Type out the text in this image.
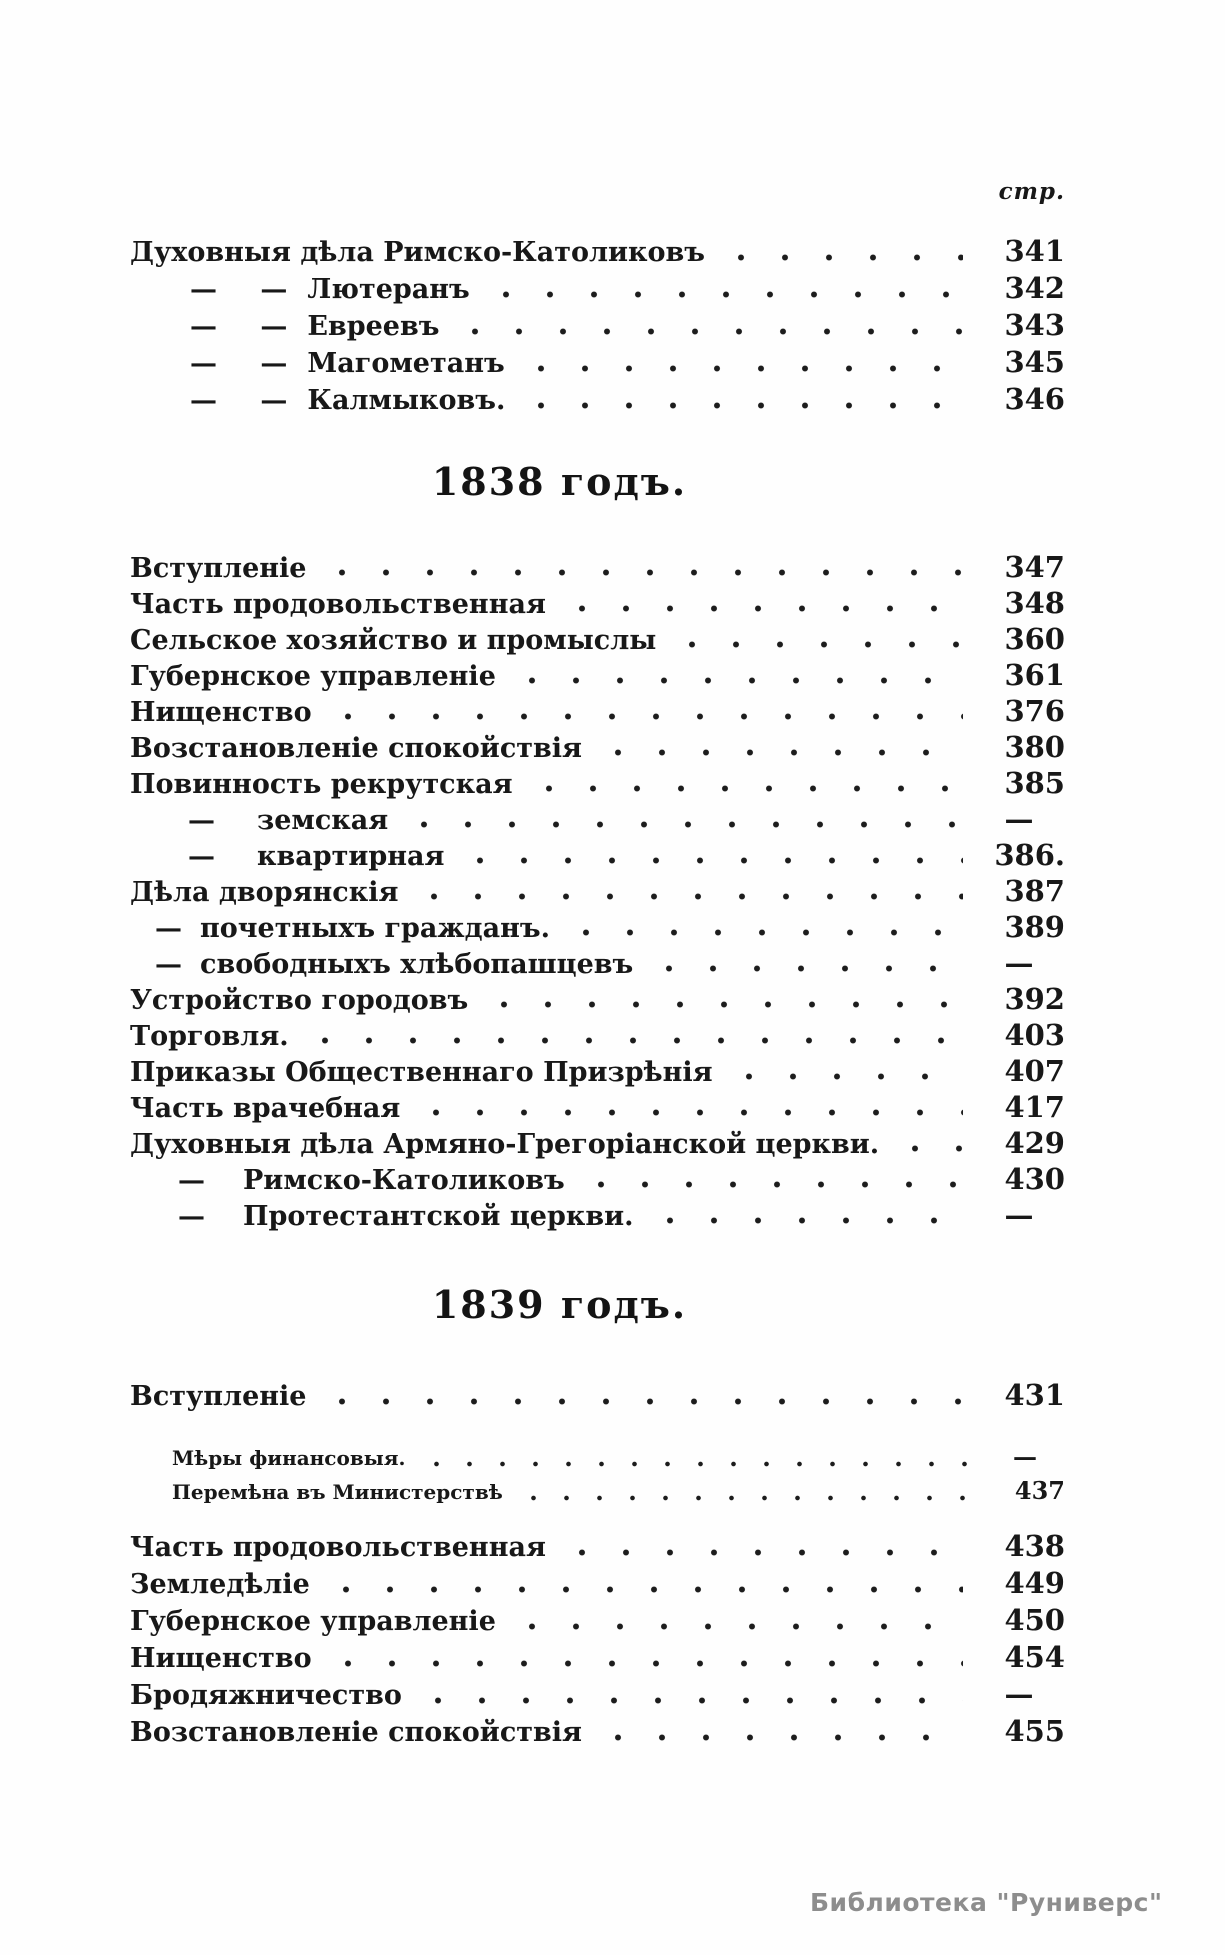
стр.
Духовныя дѣла Римско-Католиковъ	341
— — Лютеранъ	342
— — Евреевъ	343
— — Магометанъ	345
— — Калмыковъ.	346
1838 годъ.
Вступленіе	347
Часть продовольственная	348
Сельское хозяйство и промыслы	360
Губернское управленіе	361
Нищенство	376
Возстановленіе спокойствія	380
Повинность рекрутская	385
— земская	—
— квартирная	386.
Дѣла дворянскія	387
— почетныхъ гражданъ.	389
— свободныхъ хлѣбопашцевъ	—
Устройство городовъ	392
Торговля.	403
Приказы Общественнаго Призрѣнія	407
Часть врачебная	417
Духовныя дѣла Армяно-Грегоріанской церкви.	429
— Римско-Католиковъ	430
— Протестантской церкви.	—
1839 годъ.
Вступленіе	431
Мѣры финансовыя.	—
Перемѣна въ Министерствѣ	437
Часть продовольственная	438
Земледѣліе	449
Губернское управленіе	450
Нищенство	454
Бродяжничество	—
Возстановленіе спокойствія	455
Библиотека "Руниверс"
